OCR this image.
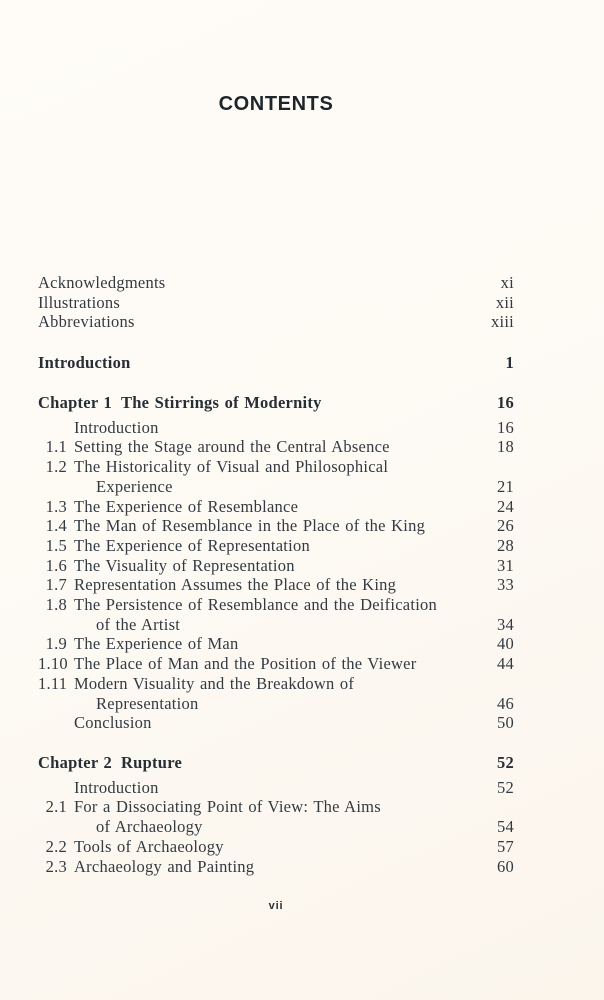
CONTENTS
Acknowledgments	xi
Illustrations	xii
Abbreviations	xiii
Introduction	1
Chapter 1 The Stirrings of Modernity	16
Introduction	16
1.1 Setting the Stage around the Central Absence	18
1.2 The Historicality of Visual and Philosophical
Experience	21
1.3 The Experience of Resemblance	24
1.4 The Man of Resemblance in the Place of the King	26
1.5 The Experience of Representation	28
1.6 The Visuality of Representation	31
1.7 Representation Assumes the Place of the King	33
1.8 The Persistence of Resemblance and the Deification
of the Artist	34
1.9 The Experience of Man	40
1.10 The Place of Man and the Position of the Viewer	44
1.11 Modern Visuality and the Breakdown of
Representation	46
Conclusion	50
Chapter 2 Rupture	52
Introduction	52
2.1 For a Dissociating Point of View: The Aims
of Archaeology	54
2.2 Tools of Archaeology	57
2.3 Archaeology and Painting	60
vii
